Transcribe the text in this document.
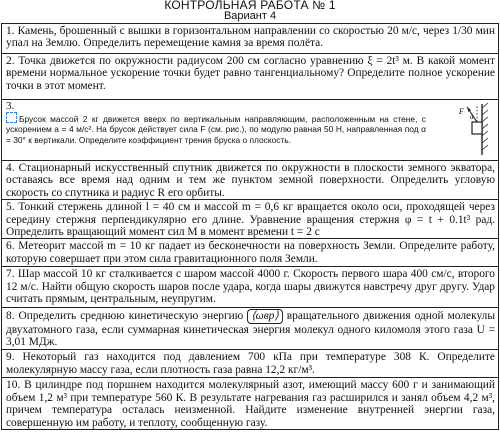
КОНТРОЛЬНАЯ РАБОТА № 1
Вариант 4
1. Камень, брошенный с вышки в горизонтальном направлении со скоростью 20 м/с, через 1/30 мин упал на Землю. Определить перемещение камня за время полёта.
2. Точка движется по окружности радиусом 200 см согласно уравнению ξ = 2t³ м. В какой момент времени нормальное ускорение точки будет равно тангенциальному? Определите полное ускорение точки в этот момент.

3.
Брусок массой 2 кг движется вверх по вертикальным направляющим, расположенным на стене, с ускорением a = 4 м/с². На брусок действует сила F (см. рис.), по модулю равная 50 Н, направленная под α = 30° к вертикали. Определите коэффициент трения бруска о плоскость.
F
α

4. Стационарный искусственный спутник движется по окружности в плоскости земного экватора, оставаясь все время над одним и тем же пунктом земной поверхности. Определить угловую скорость со спутника и радиус R его орбиты.
5. Тонкий стержень длиной l = 40 см и массой m = 0,6 кг вращается около оси, проходящей через середину стержня перпендикулярно его длине. Уравнение вращения стержня φ = t + 0.1t³ рад. Определить вращающий момент сил M в момент времени t = 2 с
6. Метеорит массой m = 10 кг падает из бесконечности на поверхность Земли. Определите работу, которую совершает при этом сила гравитационного поля Земли.
7. Шар массой 10 кг сталкивается с шаром массой 4000 г. Скорость первого шара 400 см/с, второго 12 м/с. Найти общую скорость шаров после удара, когда шары движутся навстречу друг другу. Удар считать прямым, центральным, неупругим.
8. Определить среднюю кинетическую энергию ⟨ωвр⟩ вращательного движения одной молекулы двухатомного газа, если суммарная кинетическая энергия молекул одного киломоля этого газа U = 3,01 МДж.
9. Некоторый газ находится под давлением 700 кПа при температуре 308 К. Определите молекулярную массу газа, если плотность газа равна 12,2 кг/м³.
10. В цилиндре под поршнем находится молекулярный азот, имеющий массу 600 г и занимающий объем 1,2 м³ при температуре 560 К. В результате нагревания газ расширился и занял объем 4,2 м³, причем температура осталась неизменной. Найдите изменение внутренней энергии газа, совершенную им работу, и теплоту, сообщенную газу.
